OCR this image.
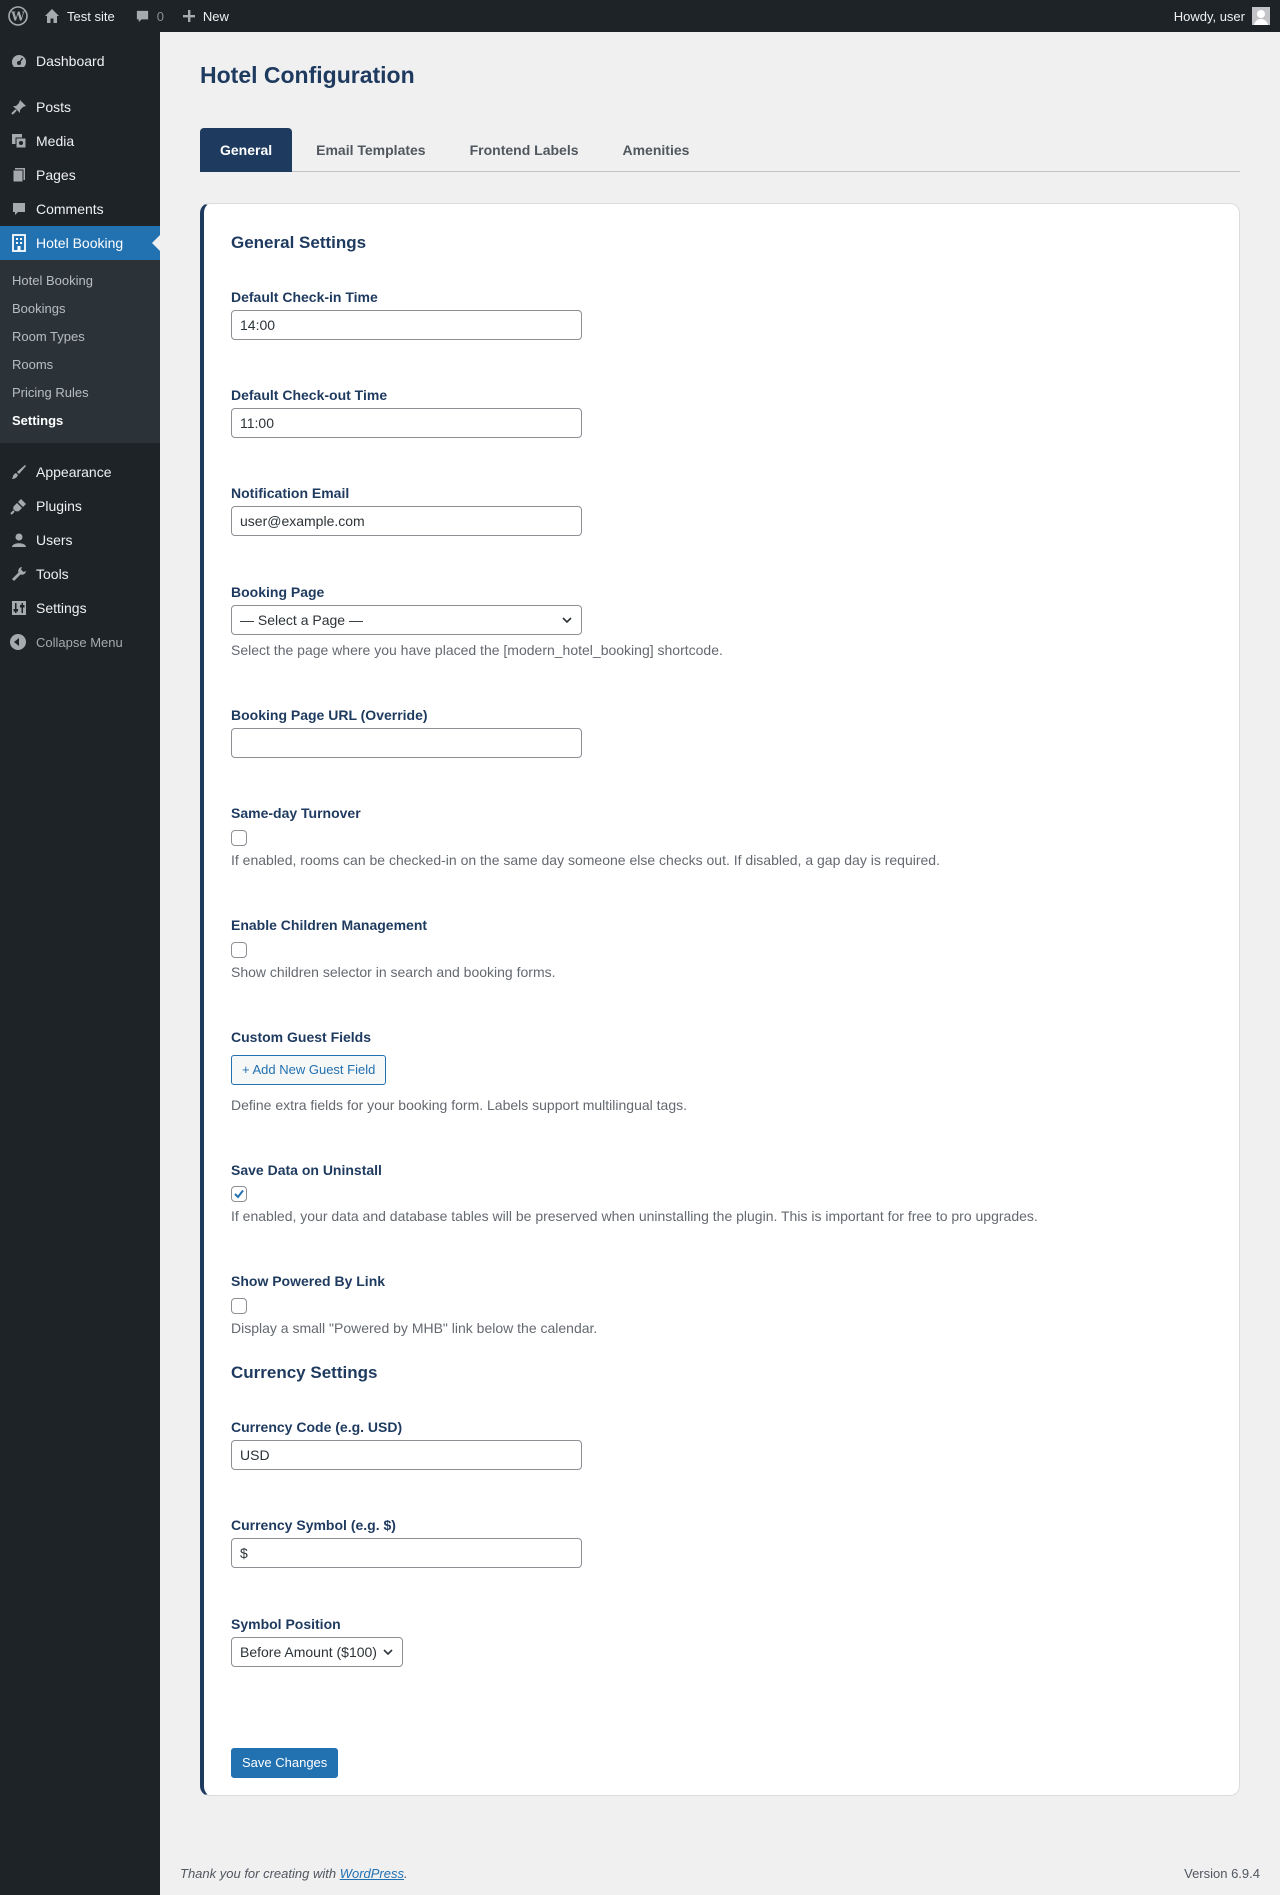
W	Test site	0	New	Howdy, user
Dashboard
Posts
Media
Pages
Comments
Hotel Booking
Hotel Booking
Bookings
Room Types
Rooms
Pricing Rules
Settings
Appearance
Plugins
Users
Tools
Settings
Collapse Menu
Hotel Configuration
General	Email Templates	Frontend Labels	Amenities
General Settings
Default Check-in Time
14:00
Default Check-out Time
11:00
Notification Email
user@example.com
Booking Page
— Select a Page —
Select the page where you have placed the [modern_hotel_booking] shortcode.
Booking Page URL (Override)
Same-day Turnover
If enabled, rooms can be checked-in on the same day someone else checks out. If disabled, a gap day is required.
Enable Children Management
Show children selector in search and booking forms.
Custom Guest Fields
+ Add New Guest Field
Define extra fields for your booking form. Labels support multilingual tags.
Save Data on Uninstall
If enabled, your data and database tables will be preserved when uninstalling the plugin. This is important for free to pro upgrades.
Show Powered By Link
Display a small "Powered by MHB" link below the calendar.
Currency Settings
Currency Code (e.g. USD)
USD
Currency Symbol (e.g. $)
$
Symbol Position
Before Amount ($100)
Save Changes
Thank you for creating with WordPress.	Version 6.9.4
